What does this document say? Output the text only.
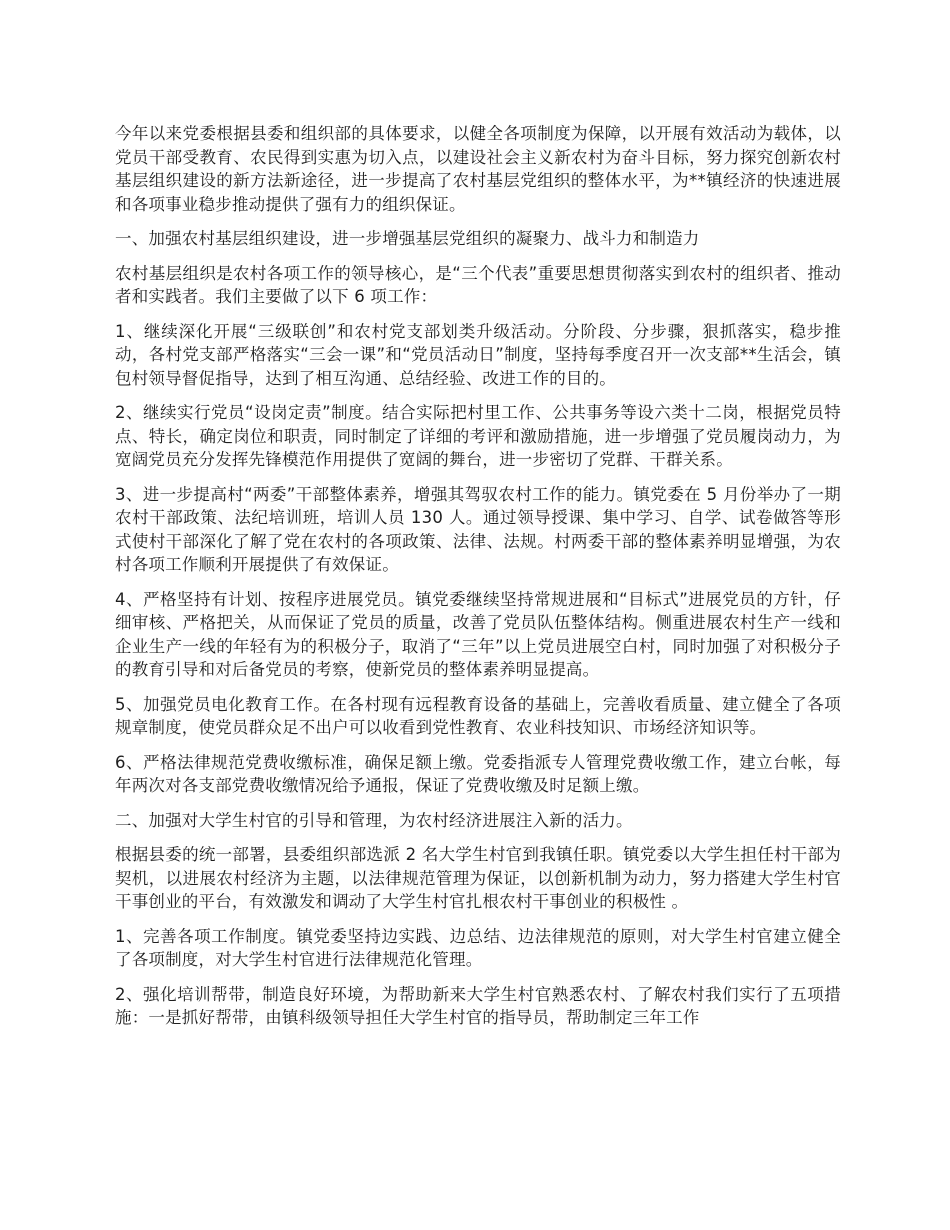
今年以来党委根据县委和组织部的具体要求，以健全各项制度为保障，以开展有效活动为载体，以党员干部受教育、农民得到实惠为切入点，以建设社会主义新农村为奋斗目标，努力探究创新农村基层组织建设的新方法新途径，进一步提高了农村基层党组织的整体水平，为**镇经济的快速进展和各项事业稳步推动提供了强有力的组织保证。

一、加强农村基层组织建设，进一步增强基层党组织的凝聚力、战斗力和制造力

农村基层组织是农村各项工作的领导核心，是“三个代表”重要思想贯彻落实到农村的组织者、推动者和实践者。我们主要做了以下 6 项工作：

1、继续深化开展“三级联创”和农村党支部划类升级活动。分阶段、分步骤，狠抓落实，稳步推动，各村党支部严格落实“三会一课”和“党员活动日”制度，坚持每季度召开一次支部**生活会，镇包村领导督促指导，达到了相互沟通、总结经验、改进工作的目的。

2、继续实行党员“设岗定责”制度。结合实际把村里工作、公共事务等设六类十二岗，根据党员特点、特长，确定岗位和职责，同时制定了详细的考评和激励措施，进一步增强了党员履岗动力，为宽阔党员充分发挥先锋模范作用提供了宽阔的舞台，进一步密切了党群、干群关系。

3、进一步提高村“两委”干部整体素养，增强其驾驭农村工作的能力。镇党委在 5 月份举办了一期农村干部政策、法纪培训班，培训人员 130 人。通过领导授课、集中学习、自学、试卷做答等形式使村干部深化了解了党在农村的各项政策、法律、法规。村两委干部的整体素养明显增强，为农村各项工作顺利开展提供了有效保证。

4、严格坚持有计划、按程序进展党员。镇党委继续坚持常规进展和“目标式”进展党员的方针，仔细审核、严格把关，从而保证了党员的质量，改善了党员队伍整体结构。侧重进展农村生产一线和企业生产一线的年轻有为的积极分子，取消了“三年”以上党员进展空白村，同时加强了对积极分子的教育引导和对后备党员的考察，使新党员的整体素养明显提高。

5、加强党员电化教育工作。在各村现有远程教育设备的基础上，完善收看质量、建立健全了各项规章制度，使党员群众足不出户可以收看到党性教育、农业科技知识、市场经济知识等。

6、严格法律规范党费收缴标准，确保足额上缴。党委指派专人管理党费收缴工作，建立台帐，每年两次对各支部党费收缴情况给予通报，保证了党费收缴及时足额上缴。

二、加强对大学生村官的引导和管理，为农村经济进展注入新的活力。

根据县委的统一部署，县委组织部选派 2 名大学生村官到我镇任职。镇党委以大学生担任村干部为契机，以进展农村经济为主题，以法律规范管理为保证，以创新机制为动力，努力搭建大学生村官干事创业的平台，有效激发和调动了大学生村官扎根农村干事创业的积极性 。

1、完善各项工作制度。镇党委坚持边实践、边总结、边法律规范的原则，对大学生村官建立健全了各项制度，对大学生村官进行法律规范化管理。

2、强化培训帮带，制造良好环境，为帮助新来大学生村官熟悉农村、了解农村我们实行了五项措施：一是抓好帮带，由镇科级领导担任大学生村官的指导员，帮助制定三年工作
